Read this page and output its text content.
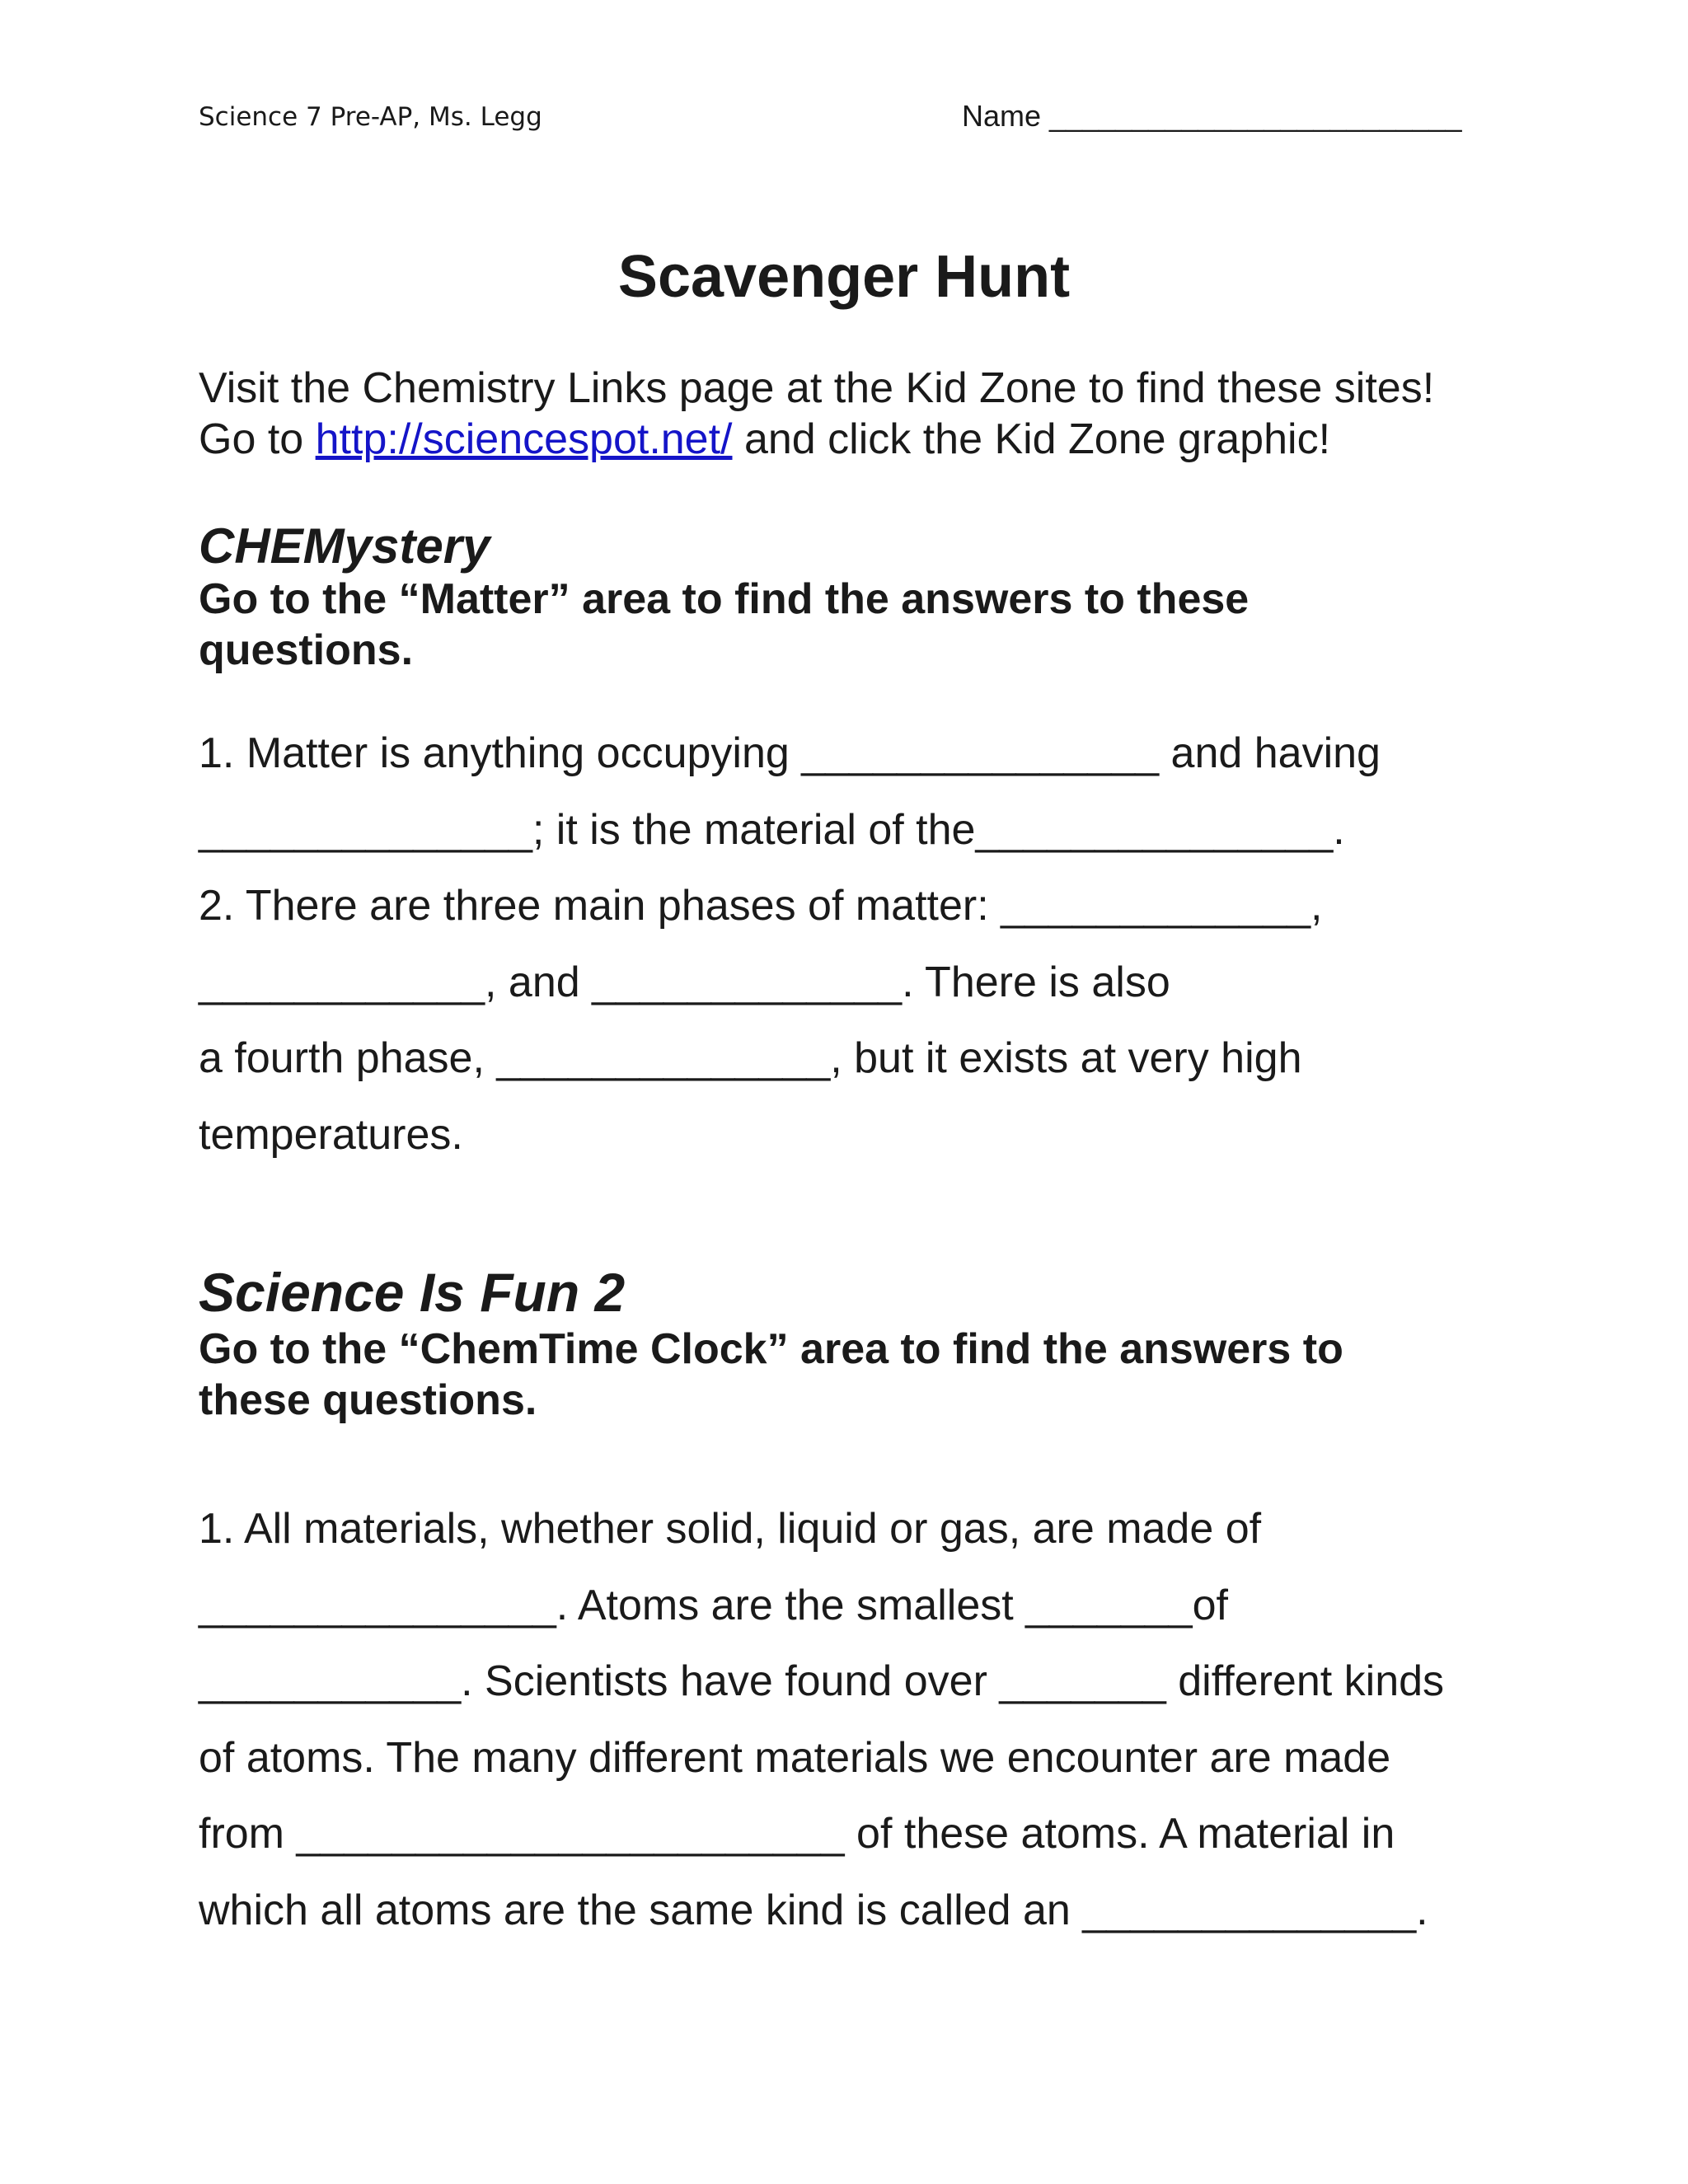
Science 7 Pre-AP, Ms. Legg	Name _________________________
Scavenger Hunt
Visit the Chemistry Links page at the Kid Zone to find these sites!
Go to http://sciencespot.net/ and click the Kid Zone graphic!
CHEMystery
Go to the “Matter” area to find the answers to these
questions.
1. Matter is anything occupying _______________ and having
______________; it is the material of the_______________.
2. There are three main phases of matter: _____________,
____________, and _____________. There is also
a fourth phase, ______________, but it exists at very high
temperatures.
Science Is Fun 2
Go to the “ChemTime Clock” area to find the answers to
these questions.
1. All materials, whether solid, liquid or gas, are made of
_______________. Atoms are the smallest _______of
___________. Scientists have found over _______ different kinds
of atoms. The many different materials we encounter are made
from _______________________ of these atoms. A material in
which all atoms are the same kind is called an ______________.
